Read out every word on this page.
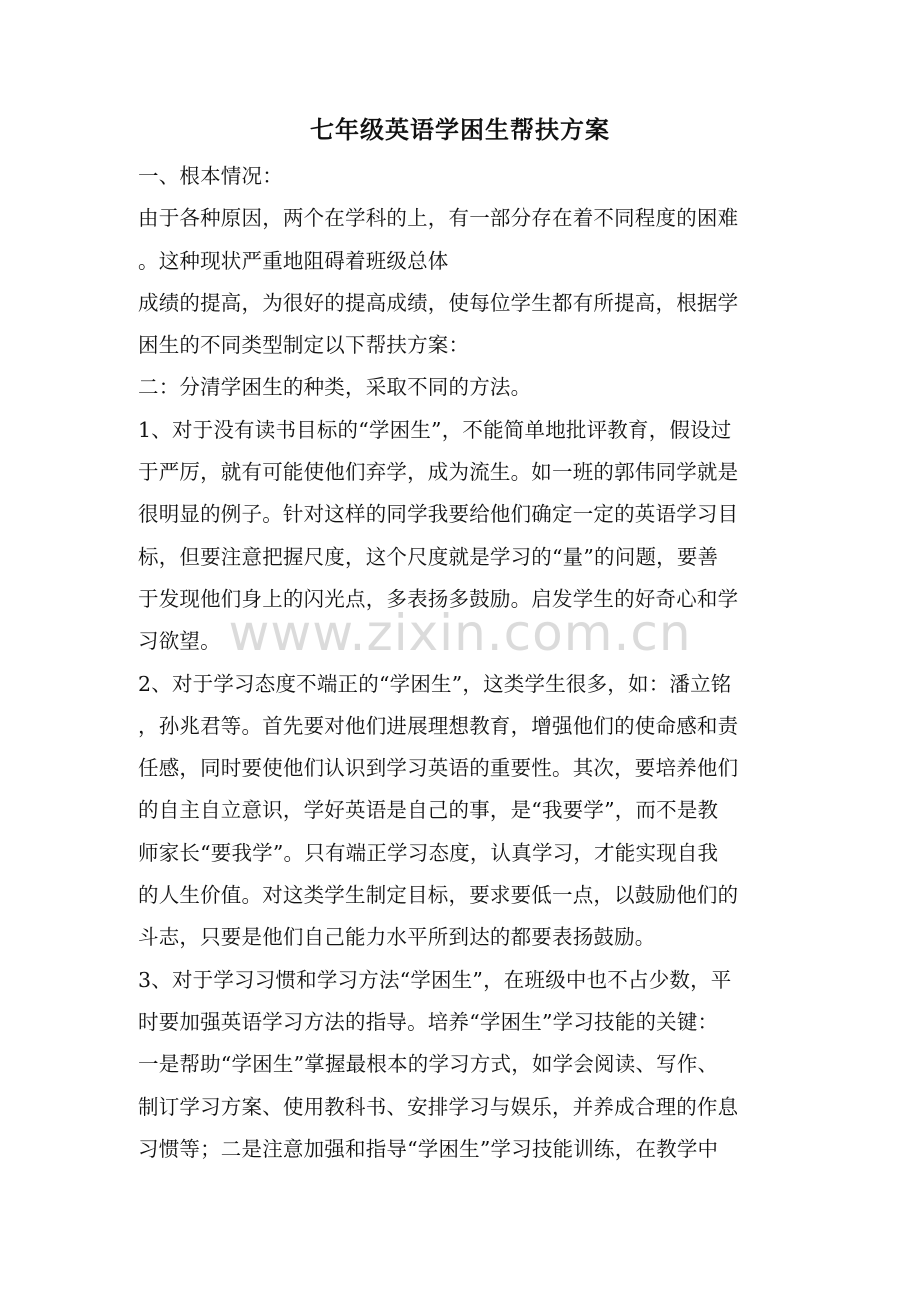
七年级英语学困生帮扶方案
一、根本情况：
由于各种原因，两个在学科的上，有一部分存在着不同程度的困难
。这种现状严重地阻碍着班级总体
成绩的提高，为很好的提高成绩，使每位学生都有所提高，根据学
困生的不同类型制定以下帮扶方案：
二：分清学困生的种类，采取不同的方法。
1、对于没有读书目标的“学困生”，不能简单地批评教育，假设过
于严厉，就有可能使他们弃学，成为流生。如一班的郭伟同学就是
很明显的例子。针对这样的同学我要给他们确定一定的英语学习目
标，但要注意把握尺度，这个尺度就是学习的“量”的问题，要善
于发现他们身上的闪光点，多表扬多鼓励。启发学生的好奇心和学
习欲望。
2、对于学习态度不端正的“学困生”，这类学生很多，如：潘立铭
，孙兆君等。首先要对他们进展理想教育，增强他们的使命感和责
任感，同时要使他们认识到学习英语的重要性。其次，要培养他们
的自主自立意识，学好英语是自己的事，是“我要学”，而不是教
师家长“要我学”。只有端正学习态度，认真学习，才能实现自我
的人生价值。对这类学生制定目标，要求要低一点，以鼓励他们的
斗志，只要是他们自己能力水平所到达的都要表扬鼓励。
3、对于学习习惯和学习方法“学困生”，在班级中也不占少数，平
时要加强英语学习方法的指导。培养“学困生”学习技能的关键：
一是帮助“学困生”掌握最根本的学习方式，如学会阅读、写作、
制订学习方案、使用教科书、安排学习与娱乐，并养成合理的作息
习惯等；二是注意加强和指导“学困生”学习技能训练，在教学中
www.zixin.com.cn
